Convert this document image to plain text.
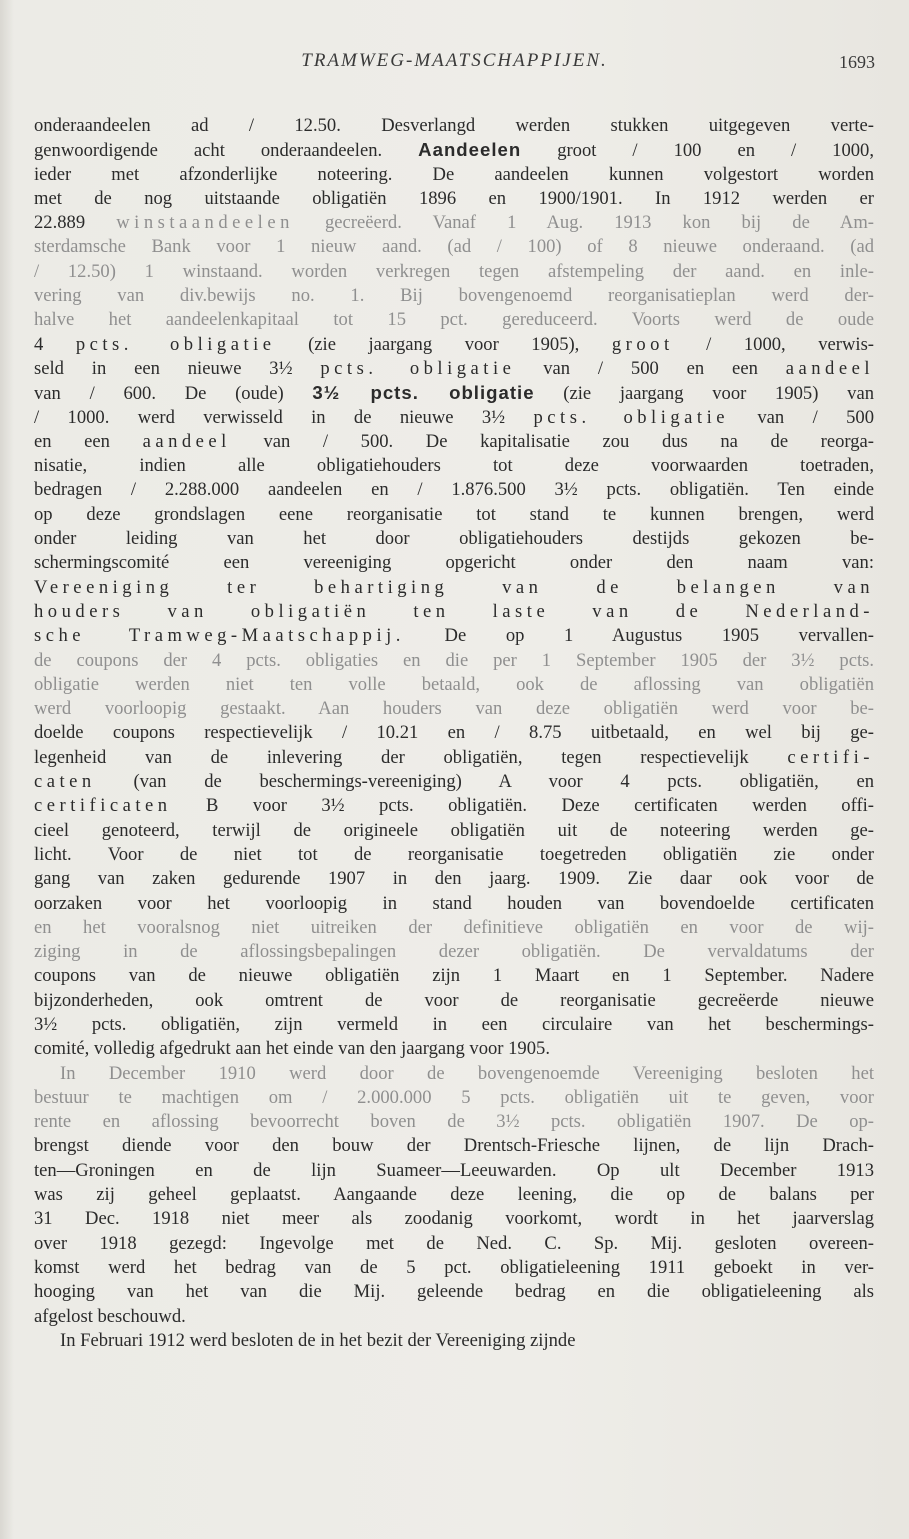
TRAMWEG-MAATSCHAPPIJEN.	1693
onderaandeelen ad / 12.50. Desverlangd werden stukken uitgegeven verte-
genwoordigende acht onderaandeelen. Aandeelen groot / 100 en / 1000,
ieder met afzonderlijke noteering. De aandeelen kunnen volgestort worden
met de nog uitstaande obligatiën 1896 en 1900/1901. In 1912 werden er
22.889 winstaandeelen gecreëerd. Vanaf 1 Aug. 1913 kon bij de Am-
sterdamsche Bank voor 1 nieuw aand. (ad / 100) of 8 nieuwe onderaand. (ad
/ 12.50) 1 winstaand. worden verkregen tegen afstempeling der aand. en inle-
vering van div.bewijs no. 1. Bij bovengenoemd reorganisatieplan werd der-
halve het aandeelenkapitaal tot 15 pct. gereduceerd. Voorts werd de oude
4 pcts. obligatie (zie jaargang voor 1905), groot / 1000, verwis-
seld in een nieuwe 3½ pcts. obligatie van / 500 en een aandeel
van / 600. De (oude) 3½ pcts. obligatie (zie jaargang voor 1905) van
/ 1000. werd verwisseld in de nieuwe 3½ pcts. obligatie van / 500
en een aandeel van / 500. De kapitalisatie zou dus na de reorga-
nisatie, indien alle obligatiehouders tot deze voorwaarden toetraden,
bedragen / 2.288.000 aandeelen en / 1.876.500 3½ pcts. obligatiën. Ten einde
op deze grondslagen eene reorganisatie tot stand te kunnen brengen, werd
onder leiding van het door obligatiehouders destijds gekozen be-
schermingscomité een vereeniging opgericht onder den naam van:
Vereeniging ter behartiging van de belangen van
houders van obligatiën ten laste van de Nederland-
sche Tramweg-Maatschappij. De op 1 Augustus 1905 vervallen-
de coupons der 4 pcts. obligaties en die per 1 September 1905 der 3½ pcts.
obligatie werden niet ten volle betaald, ook de aflossing van obligatiën
werd voorloopig gestaakt. Aan houders van deze obligatiën werd voor be-
doelde coupons respectievelijk / 10.21 en / 8.75 uitbetaald, en wel bij ge-
legenheid van de inlevering der obligatiën, tegen respectievelijk certifi-
caten (van de beschermings-vereeniging) A voor 4 pcts. obligatiën, en
certificaten B voor 3½ pcts. obligatiën. Deze certificaten werden offi-
cieel genoteerd, terwijl de origineele obligatiën uit de noteering werden ge-
licht. Voor de niet tot de reorganisatie toegetreden obligatiën zie onder
gang van zaken gedurende 1907 in den jaarg. 1909. Zie daar ook voor de
oorzaken voor het voorloopig in stand houden van bovendoelde certificaten
en het vooralsnog niet uitreiken der definitieve obligatiën en voor de wij-
ziging in de aflossingsbepalingen dezer obligatiën. De vervaldatums der
coupons van de nieuwe obligatiën zijn 1 Maart en 1 September. Nadere
bijzonderheden, ook omtrent de voor de reorganisatie gecreëerde nieuwe
3½ pcts. obligatiën, zijn vermeld in een circulaire van het beschermings-
comité, volledig afgedrukt aan het einde van den jaargang voor 1905.
In December 1910 werd door de bovengenoemde Vereeniging besloten het
bestuur te machtigen om / 2.000.000 5 pcts. obligatiën uit te geven, voor
rente en aflossing bevoorrecht boven de 3½ pcts. obligatiën 1907. De op-
brengst diende voor den bouw der Drentsch-Friesche lijnen, de lijn Drach-
ten—Groningen en de lijn Suameer—Leeuwarden. Op ult December 1913
was zij geheel geplaatst. Aangaande deze leening, die op de balans per
31 Dec. 1918 niet meer als zoodanig voorkomt, wordt in het jaarverslag
over 1918 gezegd: Ingevolge met de Ned. C. Sp. Mij. gesloten overeen-
komst werd het bedrag van de 5 pct. obligatieleening 1911 geboekt in ver-
hooging van het van die Mij. geleende bedrag en die obligatieleening als
afgelost beschouwd.
In Februari 1912 werd besloten de in het bezit der Vereeniging zijnde
